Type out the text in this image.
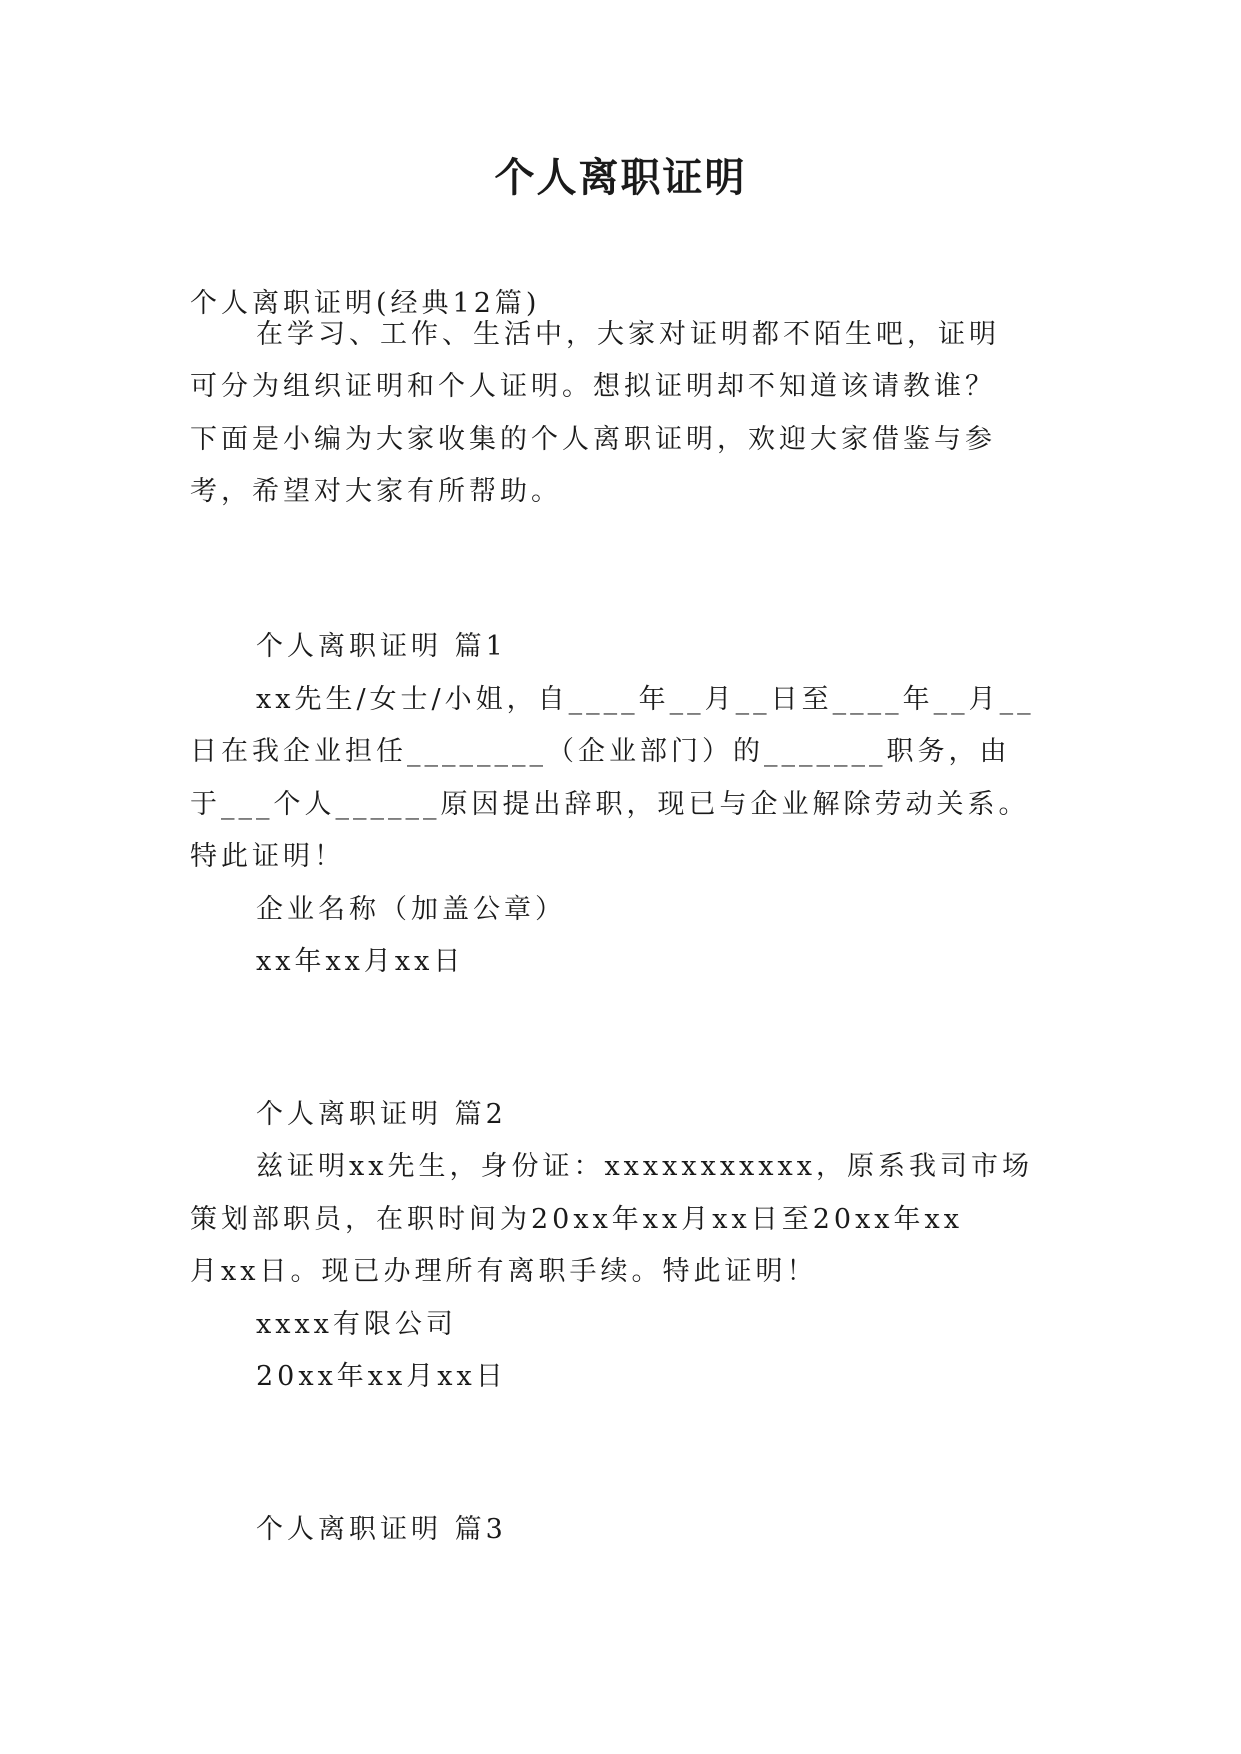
个人离职证明
个人离职证明(经典12篇)
在学习、工作、生活中，大家对证明都不陌生吧，证明
可分为组织证明和个人证明。想拟证明却不知道该请教谁？
下面是小编为大家收集的个人离职证明，欢迎大家借鉴与参
考，希望对大家有所帮助。
个人离职证明 篇1
xx先生/女士/小姐，自____年__月__日至____年__月__
日在我企业担任________（企业部门）的_______职务，由
于___个人______原因提出辞职，现已与企业解除劳动关系。
特此证明！
企业名称（加盖公章）
xx年xx月xx日
个人离职证明 篇2
兹证明xx先生，身份证：xxxxxxxxxxx，原系我司市场
策划部职员，在职时间为20xx年xx月xx日至20xx年xx
月xx日。现已办理所有离职手续。特此证明！
xxxx有限公司
20xx年xx月xx日
个人离职证明 篇3
